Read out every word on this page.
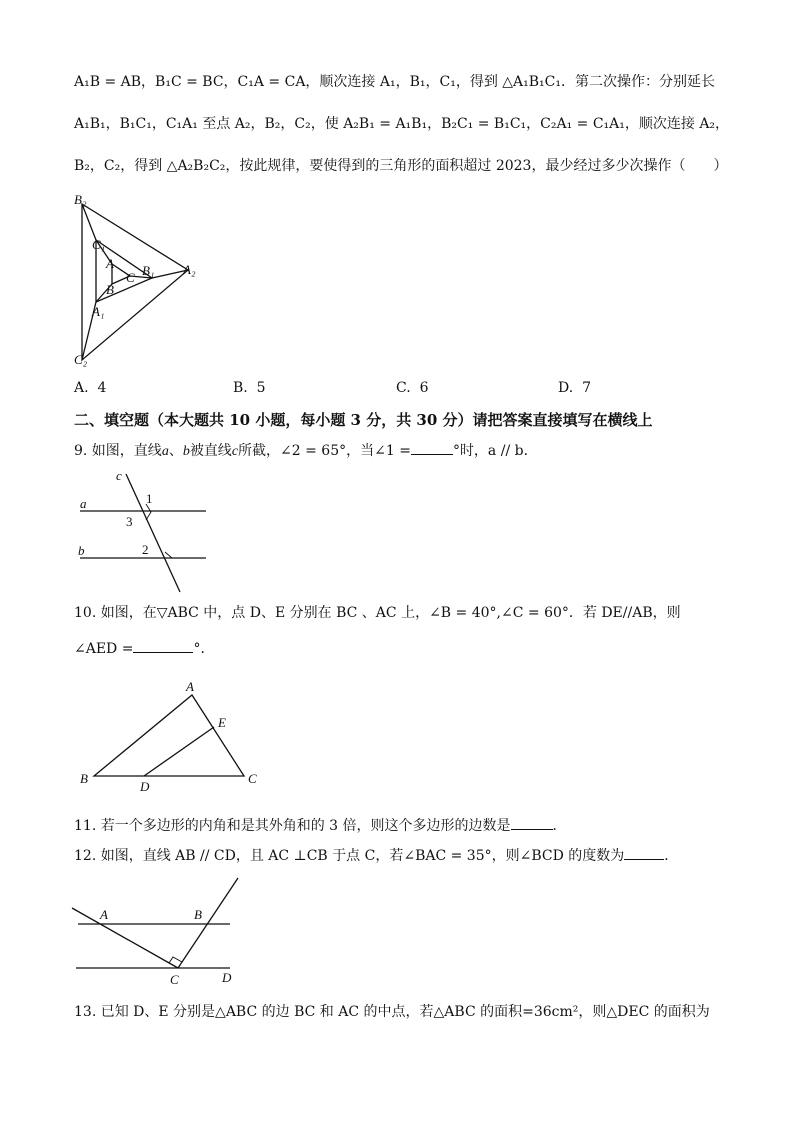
A₁B = AB，B₁C = BC，C₁A = CA，顺次连接 A₁，B₁，C₁，得到 △A₁B₁C₁．第二次操作：分别延长
A₁B₁，B₁C₁，C₁A₁ 至点 A₂，B₂，C₂，使 A₂B₁ = A₁B₁，B₂C₁ = B₁C₁，C₂A₁ = C₁A₁，顺次连接 A₂，
B₂，C₂，得到 △A₂B₂C₂，按此规律，要使得到的三角形的面积超过 2023，最少经过多少次操作（　　）
B₂
C₁
A
C B₁ A₂
B
A₁
C₂
A. 4	B. 5	C. 6	D. 7
二、填空题（本大题共 10 小题，每小题 3 分，共 30 分）请把答案直接填写在横线上
9. 如图，直线a、b被直线c所截，∠2 = 65°，当∠1 =	°时，a // b．
c
a
b
1
3
2
10. 如图，在▽ABC 中，点 D、E 分别在 BC 、AC 上，∠B = 40°,∠C = 60°．若 DE//AB，则
∠AED =	°．
A
E
B
D
C
11. 若一个多边形的内角和是其外角和的 3 倍，则这个多边形的边数是	．
12. 如图，直线 AB // CD，且 AC ⊥CB 于点 C，若∠BAC = 35°，则∠BCD 的度数为	．
A	B
C	D
13. 已知 D、E 分别是△ABC 的边 BC 和 AC 的中点，若△ABC 的面积=36cm²，则△DEC 的面积为
